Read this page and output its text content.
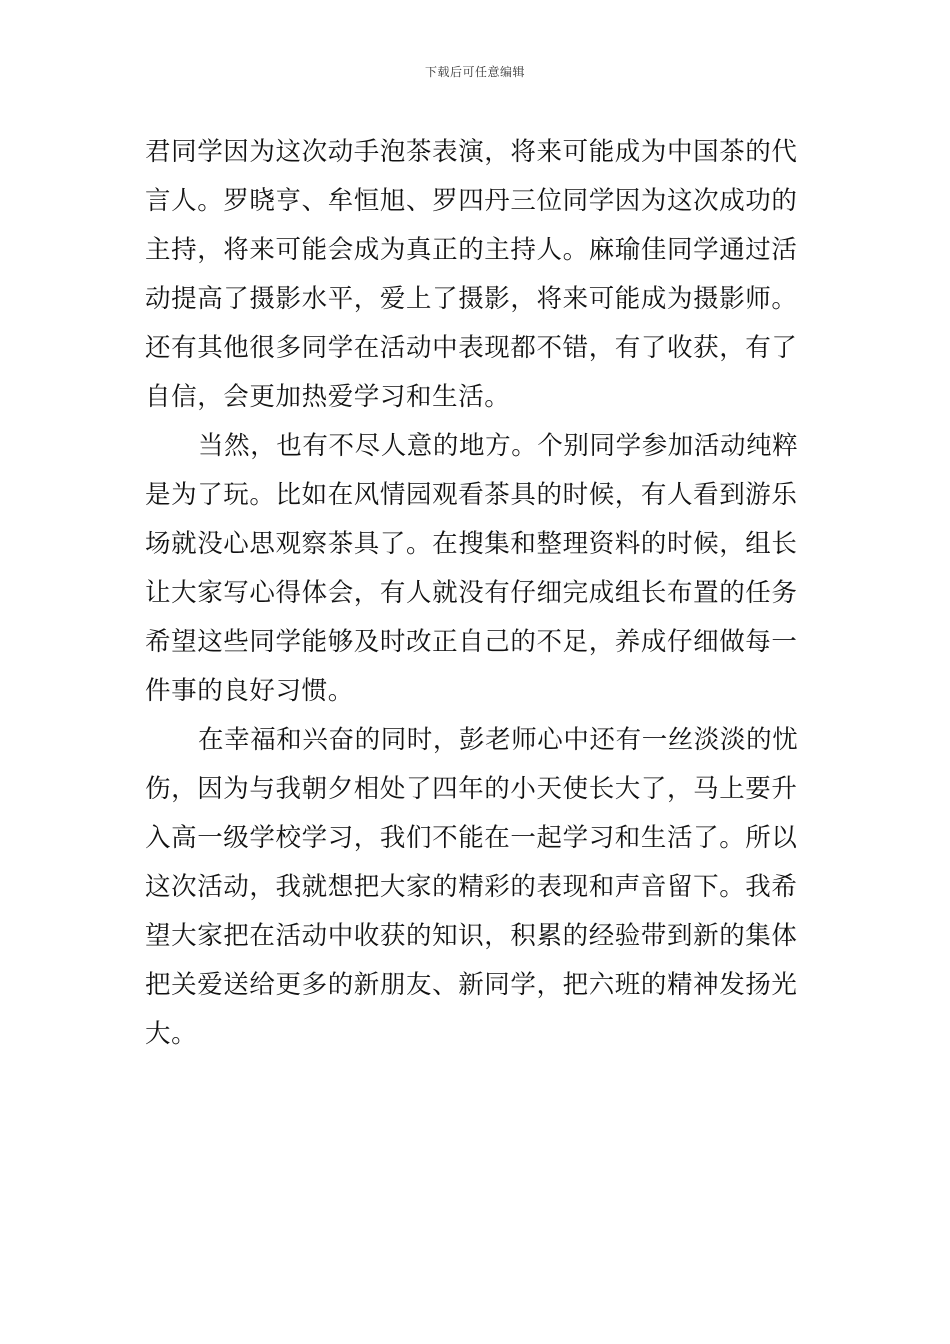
下载后可任意编辑
君同学因为这次动手泡茶表演，将来可能成为中国茶的代
言人。罗晓亨、牟恒旭、罗四丹三位同学因为这次成功的
主持，将来可能会成为真正的主持人。麻瑜佳同学通过活
动提高了摄影水平，爱上了摄影，将来可能成为摄影师。
还有其他很多同学在活动中表现都不错，有了收获，有了
自信，会更加热爱学习和生活。
当然，也有不尽人意的地方。个别同学参加活动纯粹
是为了玩。比如在风情园观看茶具的时候，有人看到游乐
场就没心思观察茶具了。在搜集和整理资料的时候，组长
让大家写心得体会，有人就没有仔细完成组长布置的任务
希望这些同学能够及时改正自己的不足，养成仔细做每一
件事的良好习惯。
在幸福和兴奋的同时，彭老师心中还有一丝淡淡的忧
伤，因为与我朝夕相处了四年的小天使长大了，马上要升
入高一级学校学习，我们不能在一起学习和生活了。所以
这次活动，我就想把大家的精彩的表现和声音留下。我希
望大家把在活动中收获的知识，积累的经验带到新的集体
把关爱送给更多的新朋友、新同学，把六班的精神发扬光
大。
